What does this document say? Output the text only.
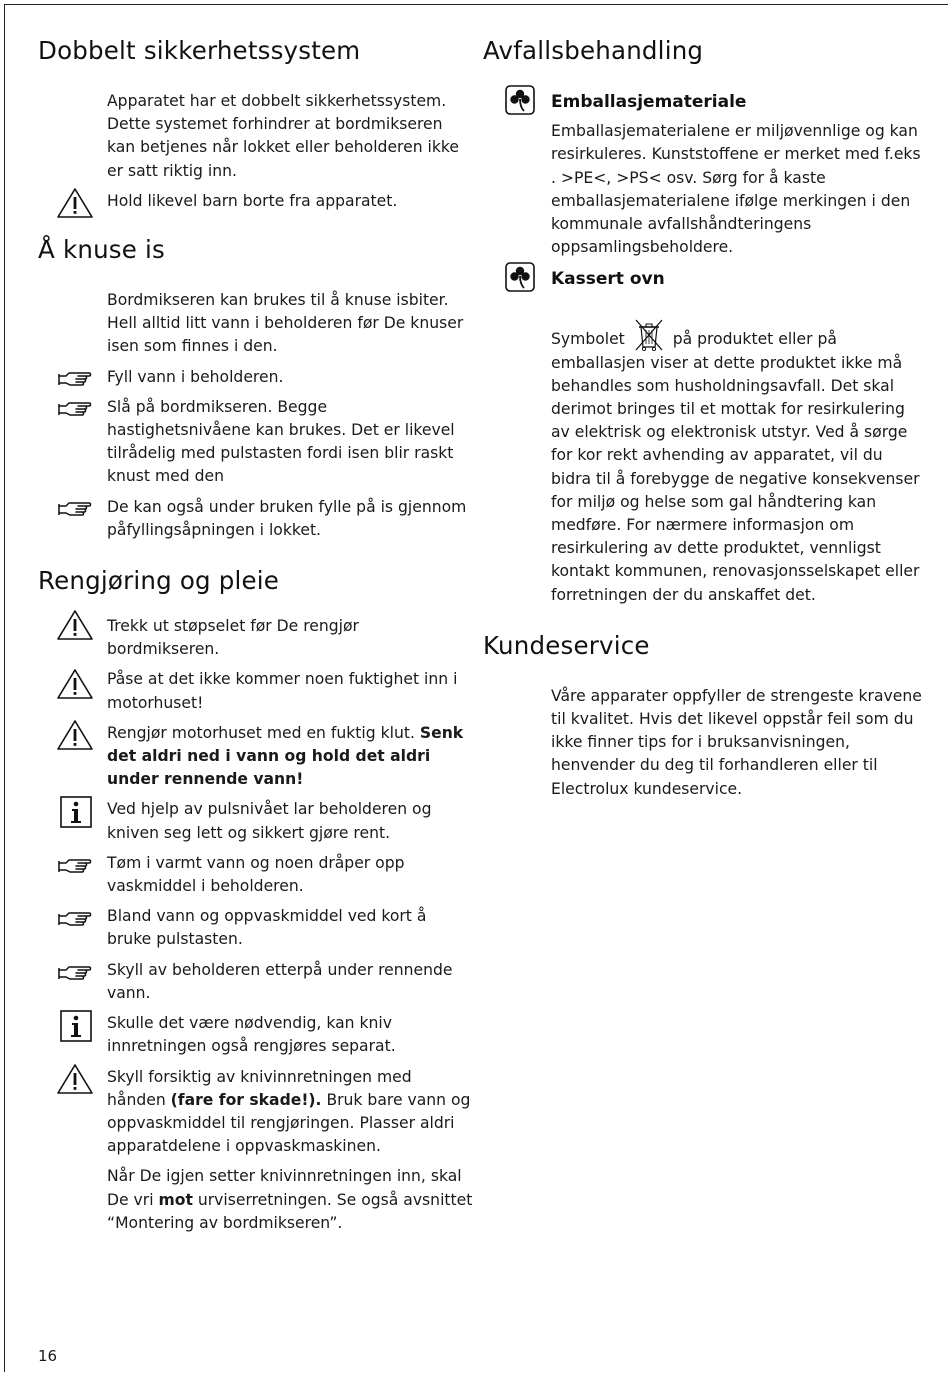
Dobbelt sikkerhetssystem
Apparatet har et dobbelt sikkerhetssystem. Dette systemet forhindrer at bordmikseren kan betjenes når lokket eller beholderen ikke er satt riktig inn.
Hold likevel barn borte fra apparatet.
Å knuse is
Bordmikseren kan brukes til å knuse isbiter. Hell alltid litt vann i beholderen før De knuser isen som finnes i den.
Fyll vann i beholderen.
Slå på bordmikseren. Begge hastighetsnivåene kan brukes. Det er likevel tilrådelig med pulstasten fordi isen blir raskt knust med den
De kan også under bruken fylle på is gjennom påfyllingsåpningen i lokket.
Rengjøring og pleie
Trekk ut støpselet før De rengjør bordmikseren.
Påse at det ikke kommer noen fuktighet inn i motorhuset!
Rengjør motorhuset med en fuktig klut. Senk det aldri ned i vann og hold det aldri under rennende vann!
Ved hjelp av pulsnivået lar beholderen og kniven seg lett og sikkert gjøre rent.
Tøm i varmt vann og noen dråper opp vaskmiddel i beholderen.
Bland vann og oppvaskmiddel ved kort å bruke pulstasten.
Skyll av beholderen etterpå under rennende vann.
Skulle det være nødvendig, kan kniv innretningen også rengjøres separat.
Skyll forsiktig av knivinnretningen med hånden (fare for skade!). Bruk bare vann og oppvaskmiddel til rengjøringen. Plasser aldri apparatdelene i oppvaskmaskinen.
Når De igjen setter knivinnretningen inn, skal De vri mot urviserretningen. Se også avsnittet “Montering av bordmikseren”.
Avfallsbehandling
Emballasjemateriale
Emballasjematerialene er miljøvennlige og kan resirkuleres. Kunststoffene er merket med f.eks . >PE<, >PS< osv. Sørg for å kaste emballasjematerialene ifølge merkingen i den kommunale avfallshåndteringens oppsamlingsbeholdere.
Kassert ovn
Symbolet	på produktet eller på emballasjen viser at dette produktet ikke må behandles som husholdningsavfall. Det skal derimot bringes til et mottak for resirkulering av elektrisk og elektronisk utstyr. Ved å sørge for kor rekt avhending av apparatet, vil du bidra til å forebygge de negative konsekvenser for miljø og helse som gal håndtering kan medføre. For nærmere informasjon om resirkulering av dette produktet, vennligst kontakt kommunen, renovasjonsselskapet eller forretningen der du anskaffet det.
Kundeservice
Våre apparater oppfyller de strengeste kravene til kvalitet. Hvis det likevel oppstår feil som du ikke finner tips for i bruksanvisningen, henvender du deg til forhandleren eller til Electrolux kundeservice.
16
